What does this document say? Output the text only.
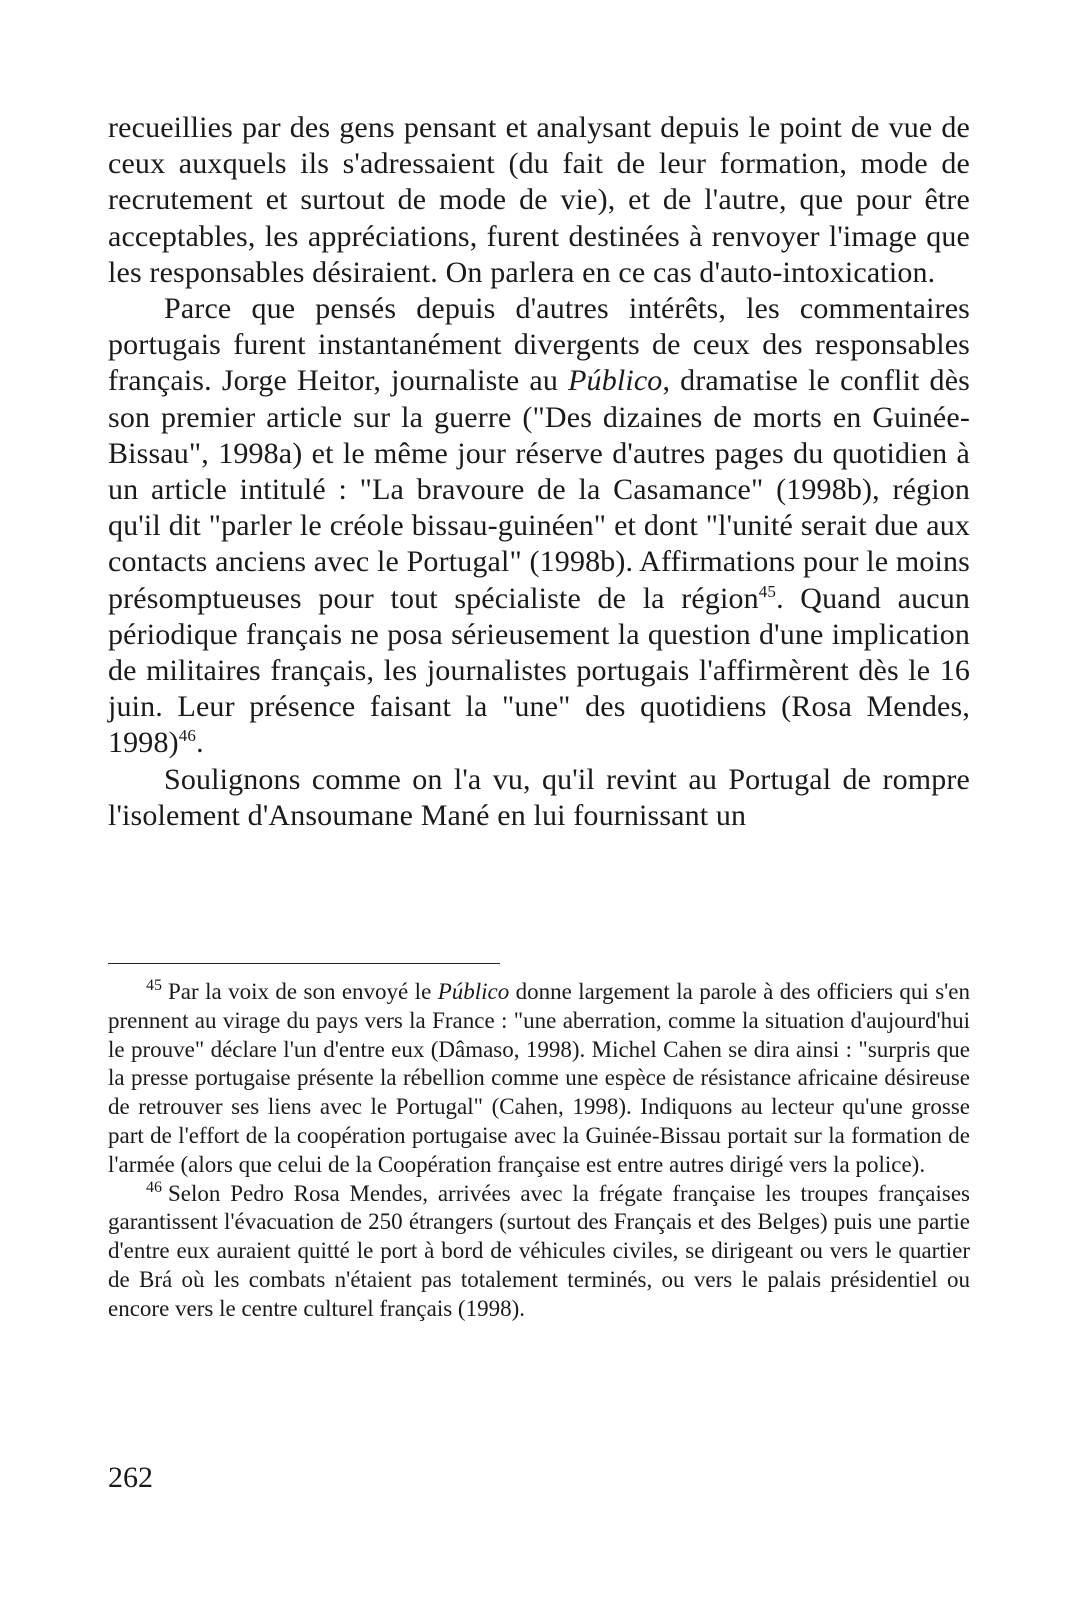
recueillies par des gens pensant et analysant depuis le point de vue de ceux auxquels ils s'adressaient (du fait de leur formation, mode de recrutement et surtout de mode de vie), et de l'autre, que pour être acceptables, les appréciations, furent destinées à renvoyer l'image que les responsables désiraient. On parlera en ce cas d'auto-intoxication.

Parce que pensés depuis d'autres intérêts, les commentaires portugais furent instantanément divergents de ceux des responsables français. Jorge Heitor, journaliste au Público, dramatise le conflit dès son premier article sur la guerre ("Des dizaines de morts en Guinée-Bissau", 1998a) et le même jour réserve d'autres pages du quotidien à un article intitulé : "La bravoure de la Casamance" (1998b), région qu'il dit "parler le créole bissau-guinéen" et dont "l'unité serait due aux contacts anciens avec le Portugal" (1998b). Affirmations pour le moins présomptueuses pour tout spécialiste de la région$^{45}$. Quand aucun périodique français ne posa sérieusement la question d'une implication de militaires français, les journalistes portugais l'affirmèrent dès le 16 juin. Leur présence faisant la "une" des quotidiens (Rosa Mendes, 1998)$^{46}$.

Soulignons comme on l'a vu, qu'il revint au Portugal de rompre l'isolement d'Ansoumane Mané en lui fournissant un

$^{45}$ Par la voix de son envoyé le Público donne largement la parole à des officiers qui s'en prennent au virage du pays vers la France : "une aberration, comme la situation d'aujourd'hui le prouve" déclare l'un d'entre eux (Dâmaso, 1998). Michel Cahen se dira ainsi : "surpris que la presse portugaise présente la rébellion comme une espèce de résistance africaine désireuse de retrouver ses liens avec le Portugal" (Cahen, 1998). Indiquons au lecteur qu'une grosse part de l'effort de la coopération portugaise avec la Guinée-Bissau portait sur la formation de l'armée (alors que celui de la Coopération française est entre autres dirigé vers la police).

$^{46}$ Selon Pedro Rosa Mendes, arrivées avec la frégate française les troupes françaises garantissent l'évacuation de 250 étrangers (surtout des Français et des Belges) puis une partie d'entre eux auraient quitté le port à bord de véhicules civiles, se dirigeant ou vers le quartier de Brá où les combats n'étaient pas totalement terminés, ou vers le palais présidentiel ou encore vers le centre culturel français (1998).

262
